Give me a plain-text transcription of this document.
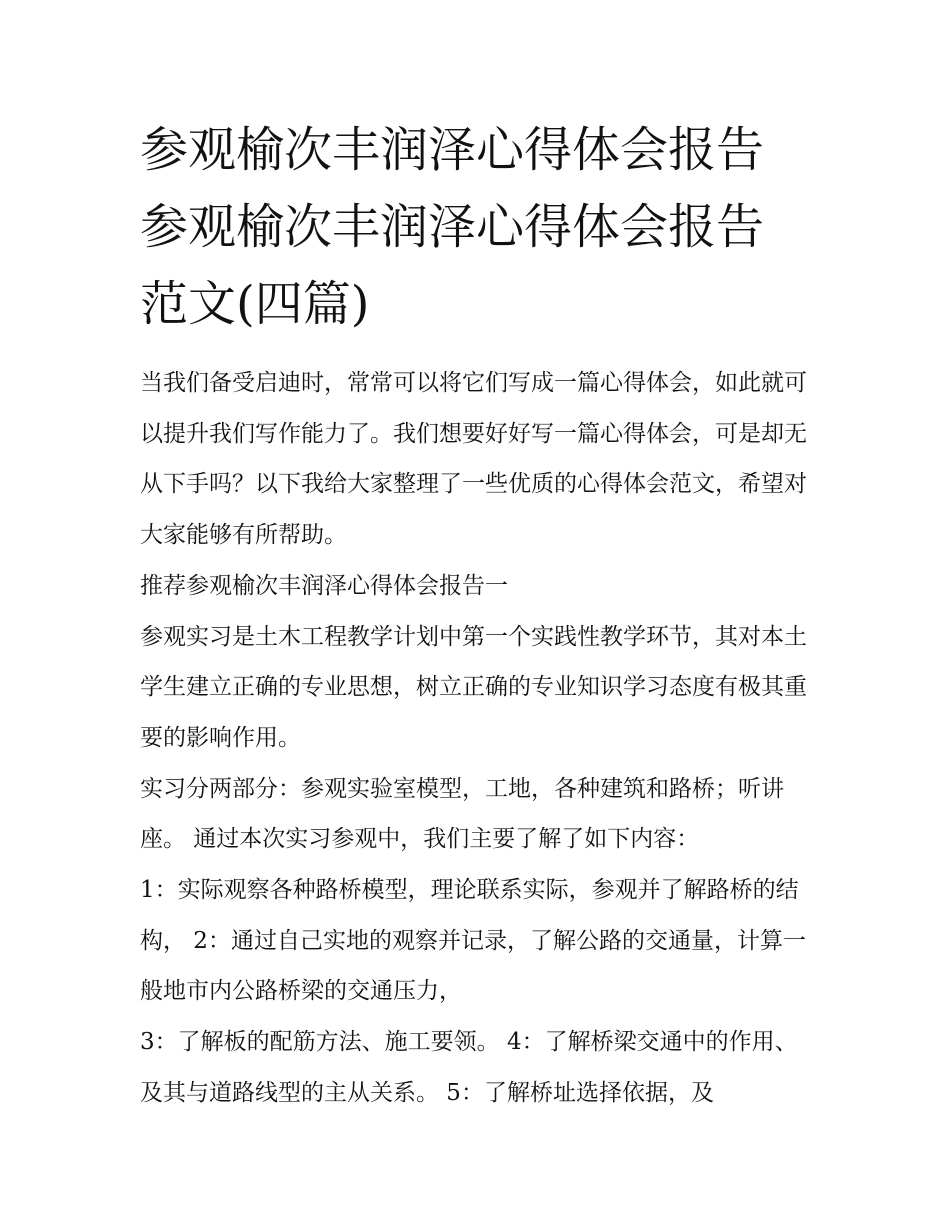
参观榆次丰润泽心得体会报告
参观榆次丰润泽心得体会报告
范文(四篇)

当我们备受启迪时，常常可以将它们写成一篇心得体会，如此就可以提升我们写作能力了。我们想要好好写一篇心得体会，可是却无从下手吗？以下我给大家整理了一些优质的心得体会范文，希望对大家能够有所帮助。

推荐参观榆次丰润泽心得体会报告一

参观实习是土木工程教学计划中第一个实践性教学环节，其对本土学生建立正确的专业思想，树立正确的专业知识学习态度有极其重要的影响作用。

实习分两部分：参观实验室模型，工地，各种建筑和路桥；听讲座。 通过本次实习参观中，我们主要了解了如下内容：

1：实际观察各种路桥模型，理论联系实际，参观并了解路桥的结构， 2：通过自己实地的观察并记录，了解公路的交通量，计算一般地市内公路桥梁的交通压力，

3：了解板的配筋方法、施工要领。 4：了解桥梁交通中的作用、及其与道路线型的主从关系。 5：了解桥址选择依据，及
